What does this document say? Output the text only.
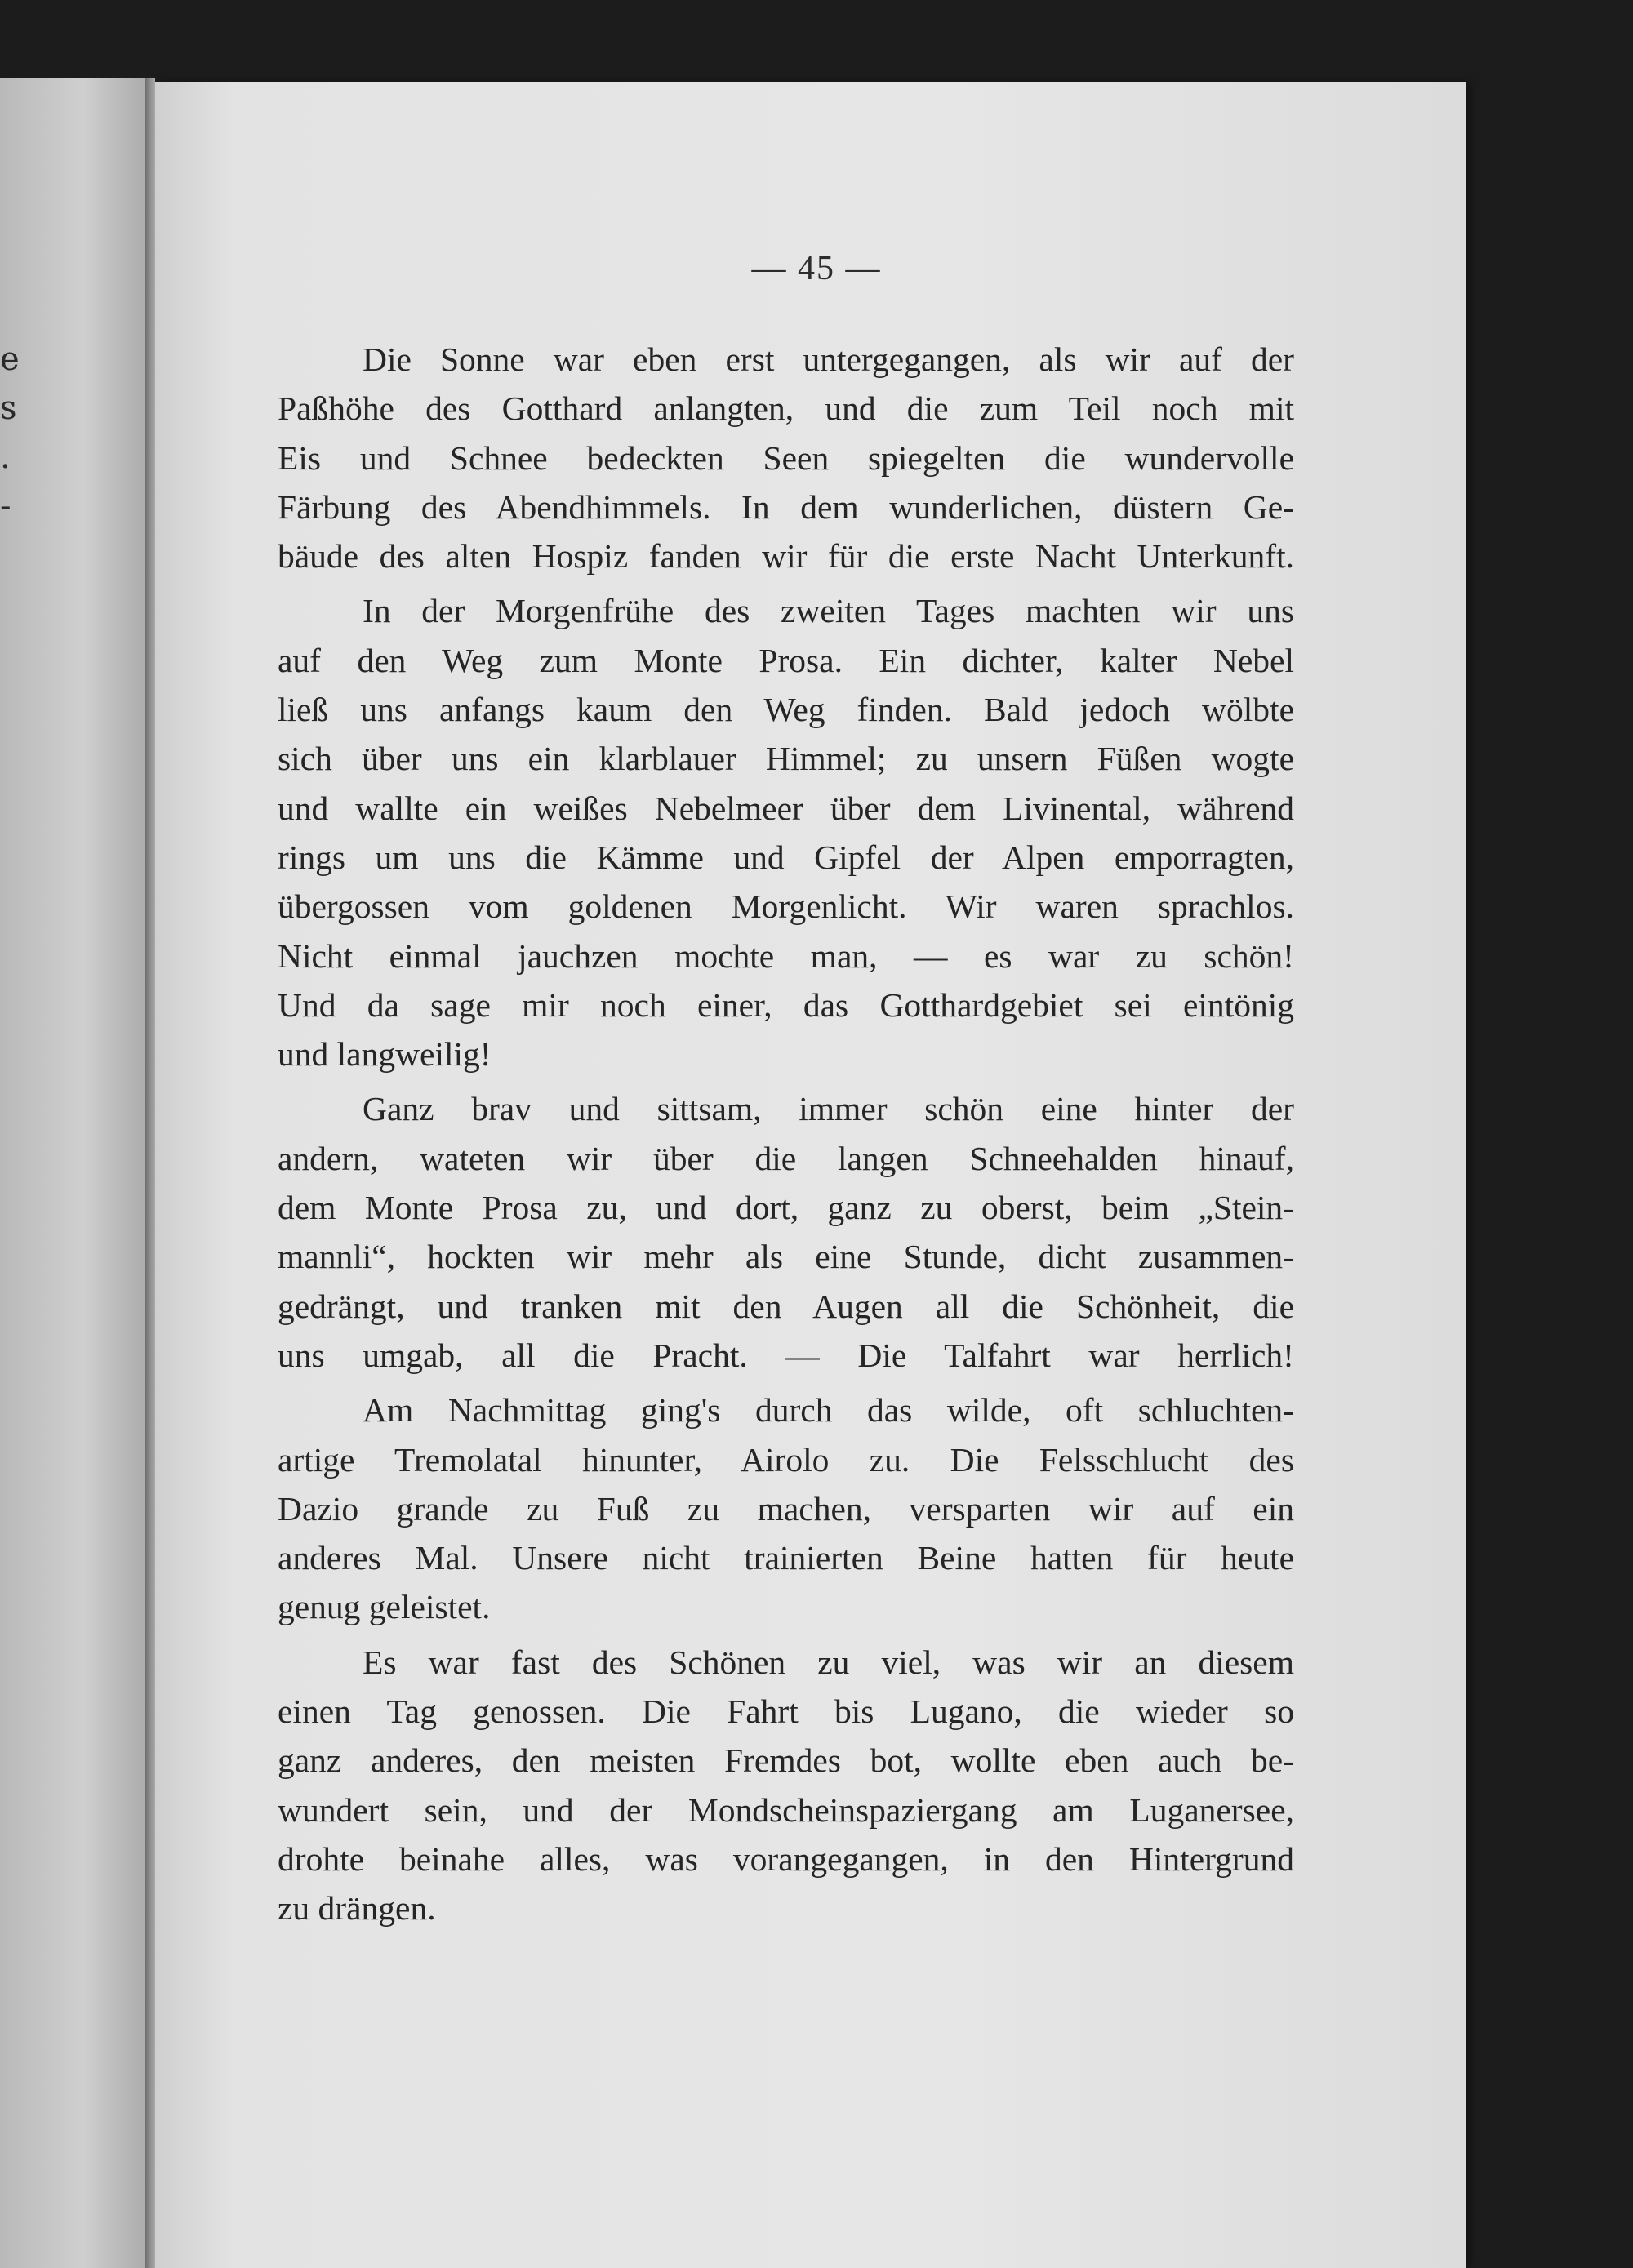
e
s
.
-
— 45 —
Die Sonne war eben erst untergegangen, als wir auf der
Paßhöhe des Gotthard anlangten, und die zum Teil noch mit
Eis und Schnee bedeckten Seen spiegelten die wundervolle
Färbung des Abendhimmels. In dem wunderlichen, düstern Ge-
bäude des alten Hospiz fanden wir für die erste Nacht Unterkunft.
In der Morgenfrühe des zweiten Tages machten wir uns
auf den Weg zum Monte Prosa. Ein dichter, kalter Nebel
ließ uns anfangs kaum den Weg finden. Bald jedoch wölbte
sich über uns ein klarblauer Himmel; zu unsern Füßen wogte
und wallte ein weißes Nebelmeer über dem Livinental, während
rings um uns die Kämme und Gipfel der Alpen emporragten,
übergossen vom goldenen Morgenlicht. Wir waren sprachlos.
Nicht einmal jauchzen mochte man, — es war zu schön!
Und da sage mir noch einer, das Gotthardgebiet sei eintönig
und langweilig!
Ganz brav und sittsam, immer schön eine hinter der
andern, wateten wir über die langen Schneehalden hinauf,
dem Monte Prosa zu, und dort, ganz zu oberst, beim „Stein-
mannli“, hockten wir mehr als eine Stunde, dicht zusammen-
gedrängt, und tranken mit den Augen all die Schönheit, die
uns umgab, all die Pracht. — Die Talfahrt war herrlich!
Am Nachmittag ging's durch das wilde, oft schluchten-
artige Tremolatal hinunter, Airolo zu. Die Felsschlucht des
Dazio grande zu Fuß zu machen, versparten wir auf ein
anderes Mal. Unsere nicht trainierten Beine hatten für heute
genug geleistet.
Es war fast des Schönen zu viel, was wir an diesem
einen Tag genossen. Die Fahrt bis Lugano, die wieder so
ganz anderes, den meisten Fremdes bot, wollte eben auch be-
wundert sein, und der Mondscheinspaziergang am Luganersee,
drohte beinahe alles, was vorangegangen, in den Hintergrund
zu drängen.
